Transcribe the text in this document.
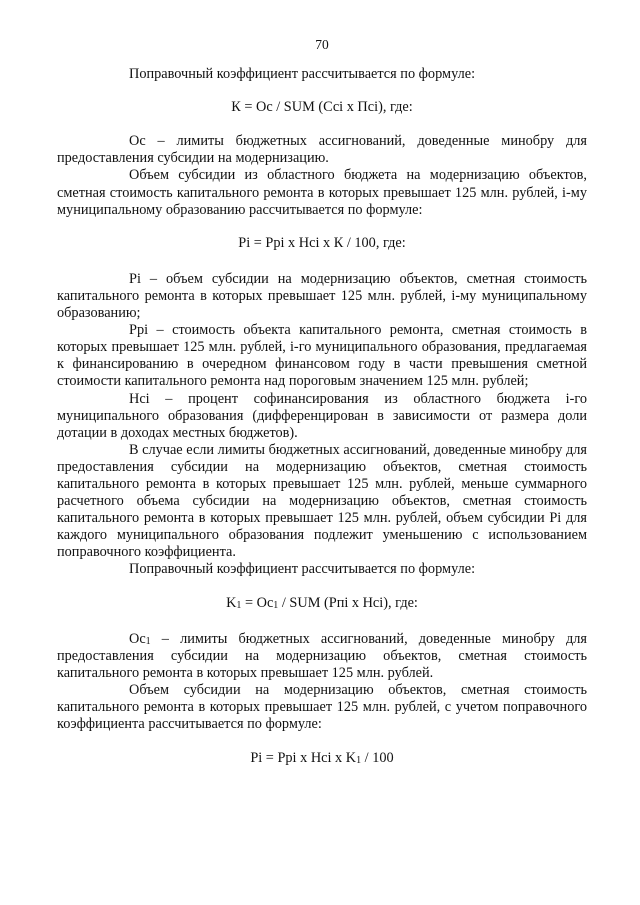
70

Поправочный коэффициент рассчитывается по формуле:

К = Ос / SUM (Ссi х Пci), где:

Ос – лимиты бюджетных ассигнований, доведенные минобру для предоставления субсидии на модернизацию.

Объем субсидии из областного бюджета на модернизацию объектов, сметная стоимость капитального ремонта в которых превышает 125 млн. рублей, i-му муниципальному образованию рассчитывается по формуле:

Pi = Ppi х Hci х К / 100, где:

Pi – объем субсидии на модернизацию объектов, сметная стоимость капитального ремонта в которых превышает 125 млн. рублей, i-му муниципальному образованию;

Ppi – стоимость объекта капитального ремонта, сметная стоимость в которых превышает 125 млн. рублей, i-го муниципального образования, предлагаемая к финансированию в очередном финансовом году в части превышения сметной стоимости капитального ремонта над пороговым значением 125 млн. рублей;

Hci – процент софинансирования из областного бюджета i-го муниципального образования (дифференцирован в зависимости от размера доли дотации в доходах местных бюджетов).

В случае если лимиты бюджетных ассигнований, доведенные минобру для предоставления субсидии на модернизацию объектов, сметная стоимость капитального ремонта в которых превышает 125 млн. рублей, меньше суммарного расчетного объема субсидии на модернизацию объектов, сметная стоимость капитального ремонта в которых превышает 125 млн. рублей, объем субсидии Pi для каждого муниципального образования подлежит уменьшению с использованием поправочного коэффициента.

Поправочный коэффициент рассчитывается по формуле:

$K_1 = Oc_1$ / SUM (Рпi х Hci), где:

$Oc_1$ – лимиты бюджетных ассигнований, доведенные минобру для предоставления субсидии на модернизацию объектов, сметная стоимость капитального ремонта в которых превышает 125 млн. рублей.

Объем субсидии на модернизацию объектов, сметная стоимость капитального ремонта в которых превышает 125 млн. рублей, с учетом поправочного коэффициента рассчитывается по формуле:

Pi = Ppi x Hci x $K_1 / 100$
